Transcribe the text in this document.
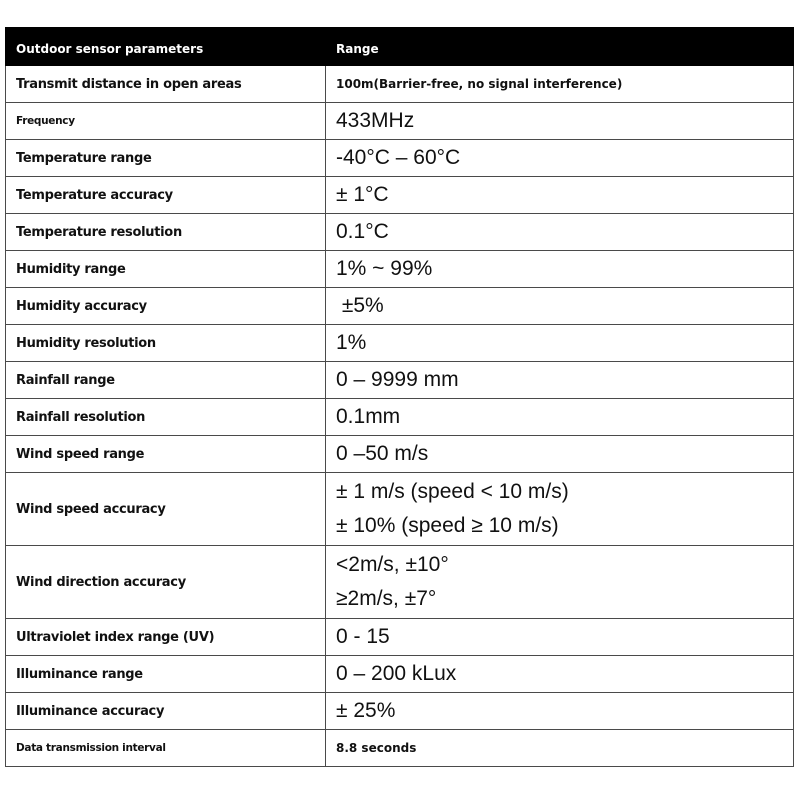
Outdoor sensor parameters	Range
Transmit distance in open areas	100m(Barrier-free, no signal interference)
Frequency	433MHz
Temperature range	-40°C – 60°C
Temperature accuracy	± 1°C
Temperature resolution	0.1°C
Humidity range	1% ~ 99%
Humidity accuracy	±5%
Humidity resolution	1%
Rainfall range	0 – 9999 mm
Rainfall resolution	0.1mm
Wind speed range	0 –50 m/s
Wind speed accuracy	± 1 m/s (speed < 10 m/s)
± 10% (speed ≥ 10 m/s)

Wind direction accuracy	<2m/s, ±10°
≥2m/s, ±7°

Ultraviolet index range (UV)	0 - 15
Illuminance range	0 – 200 kLux
Illuminance accuracy	± 25%
Data transmission interval	8.8 seconds
